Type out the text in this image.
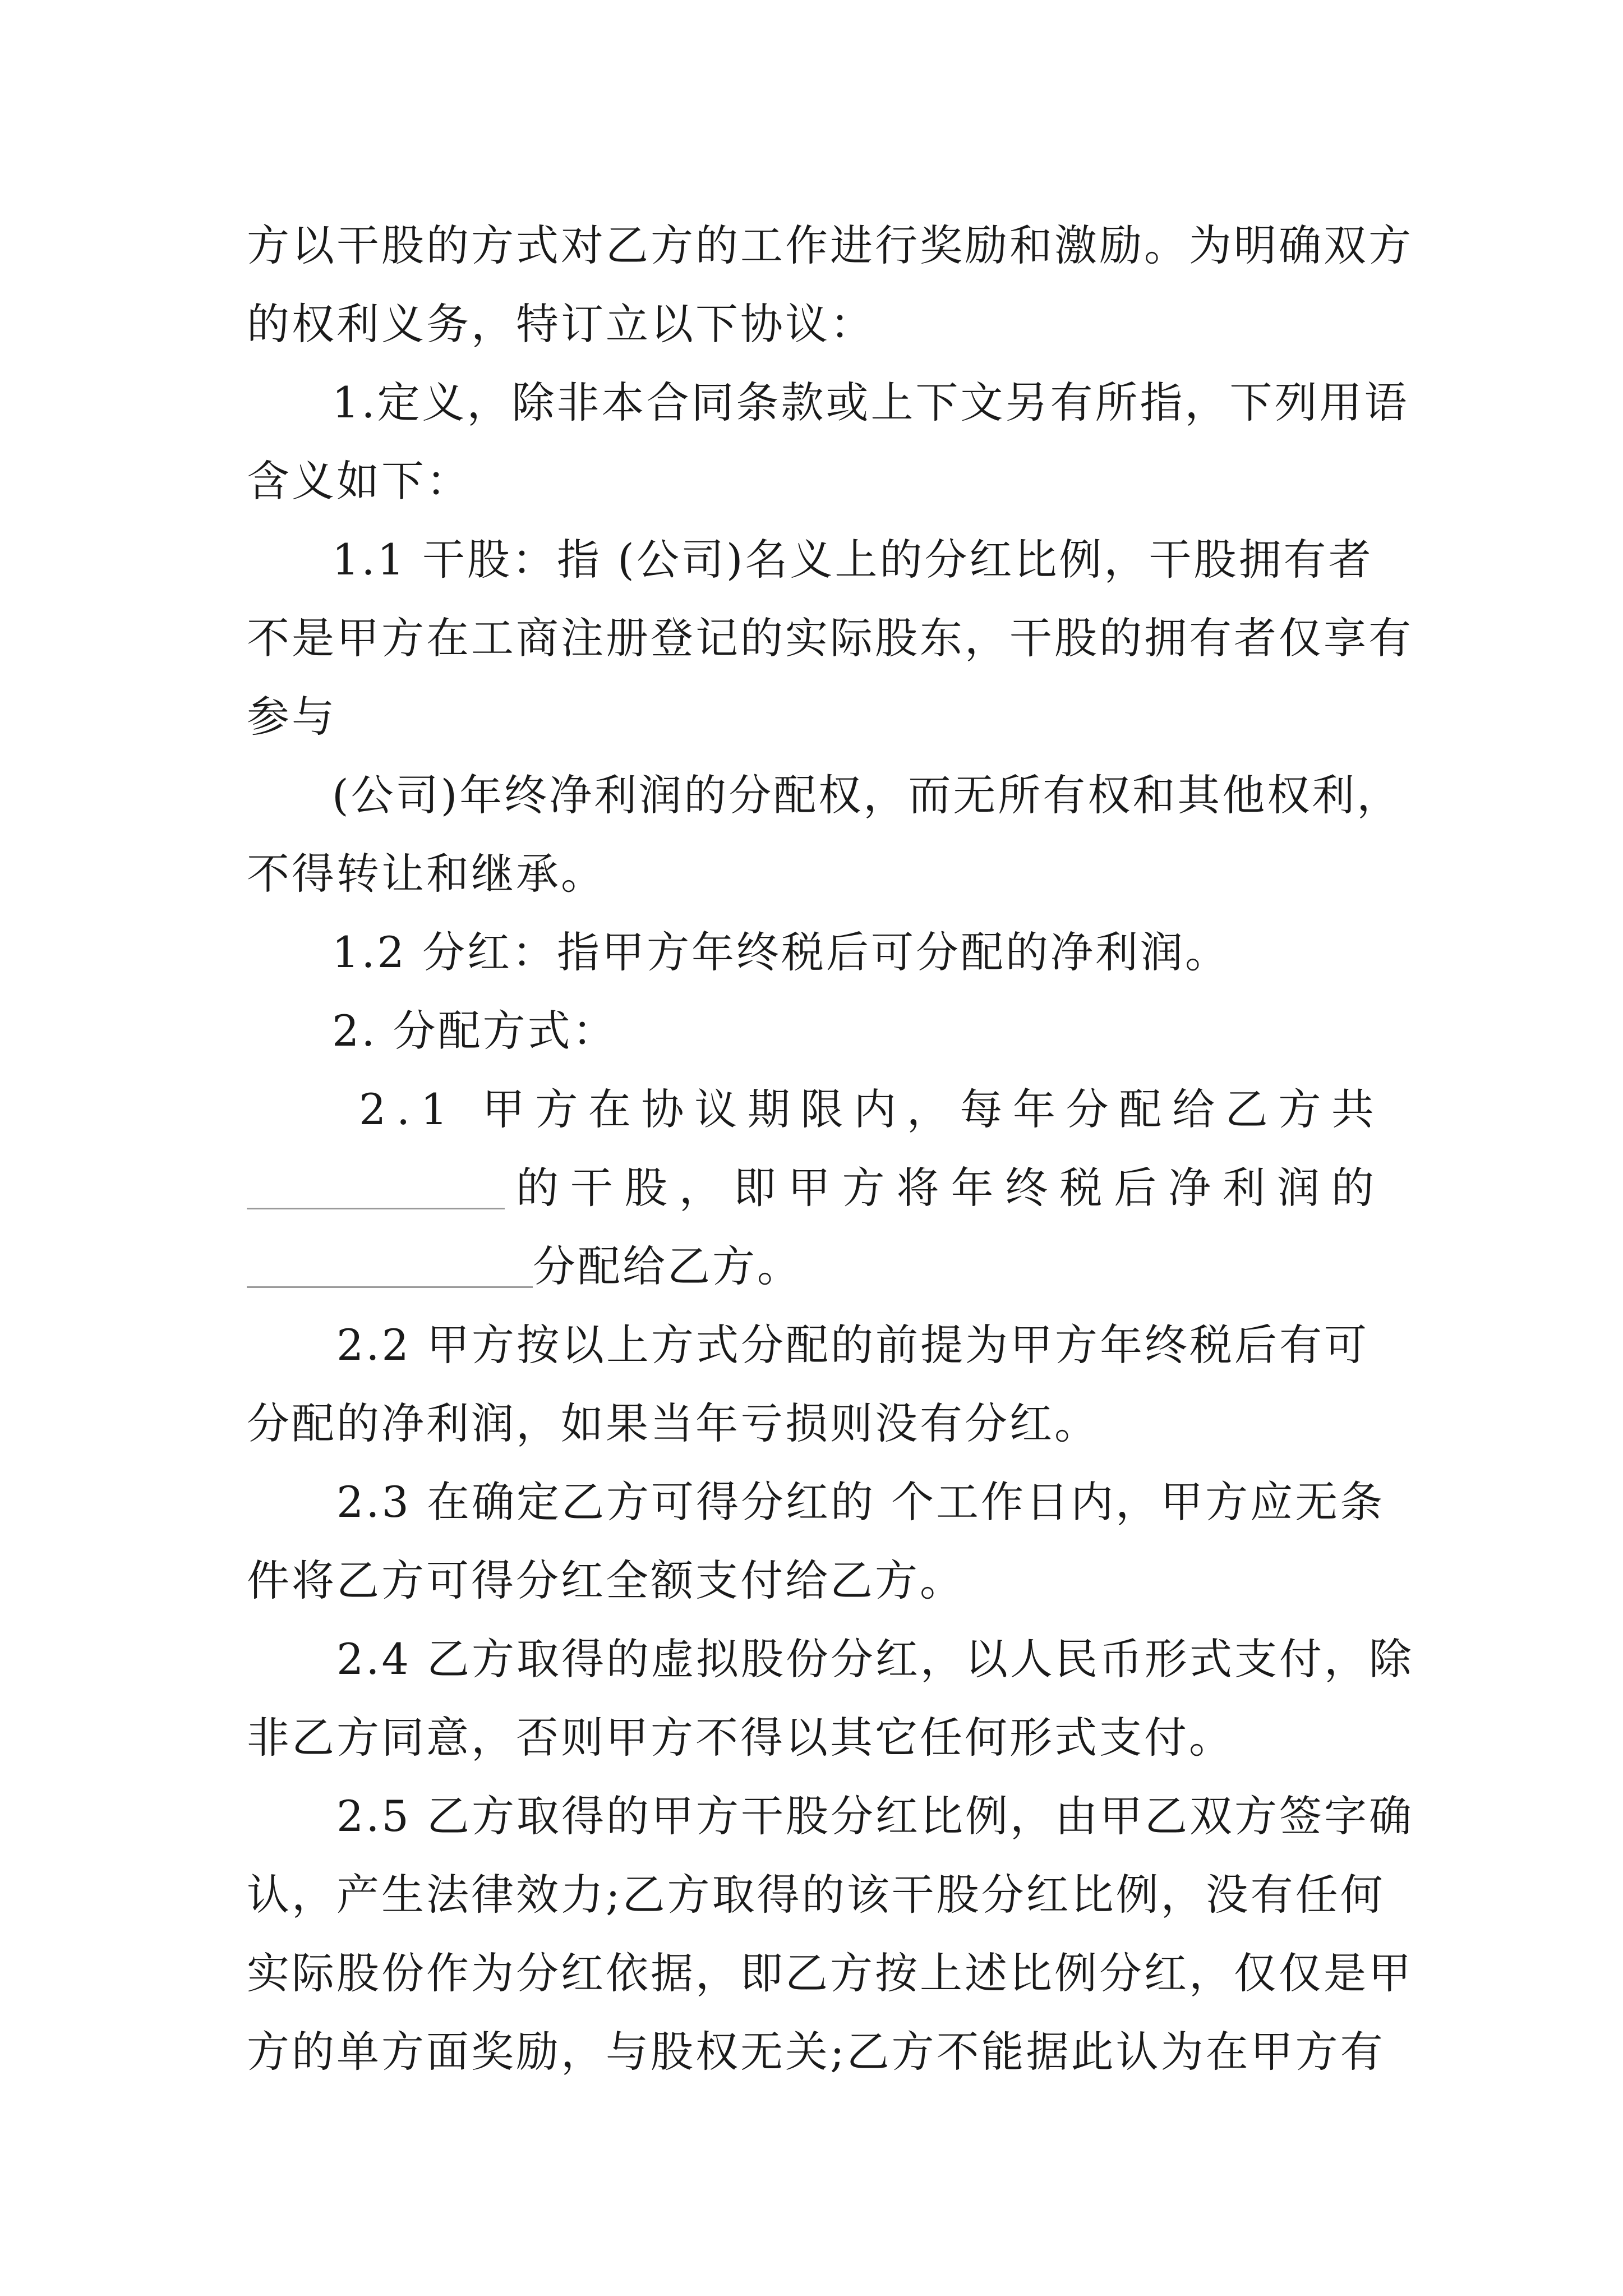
方以干股的方式对乙方的工作进行奖励和激励。为明确双方
的权利义务，特订立以下协议：
1.定义，除非本合同条款或上下文另有所指，下列用语
含义如下：
1.1 干股：指 (公司)名义上的分红比例，干股拥有者
不是甲方在工商注册登记的实际股东，干股的拥有者仅享有
参与
(公司)年终净利润的分配权，而无所有权和其他权利，
不得转让和继承。
1.2 分红：指甲方年终税后可分配的净利润。
2. 分配方式：
2 . 1
甲 方 在 协 议 期 限 内 ， 每 年 分 配 给 乙 方 共
的干股，即甲方将年终税后净利润的
分配给乙方。
2.2 甲方按以上方式分配的前提为甲方年终税后有可
分配的净利润，如果当年亏损则没有分红。
2.3 在确定乙方可得分红的 个工作日内，甲方应无条
件将乙方可得分红全额支付给乙方。
2.4 乙方取得的虚拟股份分红，以人民币形式支付，除
非乙方同意，否则甲方不得以其它任何形式支付。
2.5 乙方取得的甲方干股分红比例，由甲乙双方签字确
认，产生法律效力;乙方取得的该干股分红比例，没有任何
实际股份作为分红依据，即乙方按上述比例分红，仅仅是甲
方的单方面奖励，与股权无关;乙方不能据此认为在甲方有
